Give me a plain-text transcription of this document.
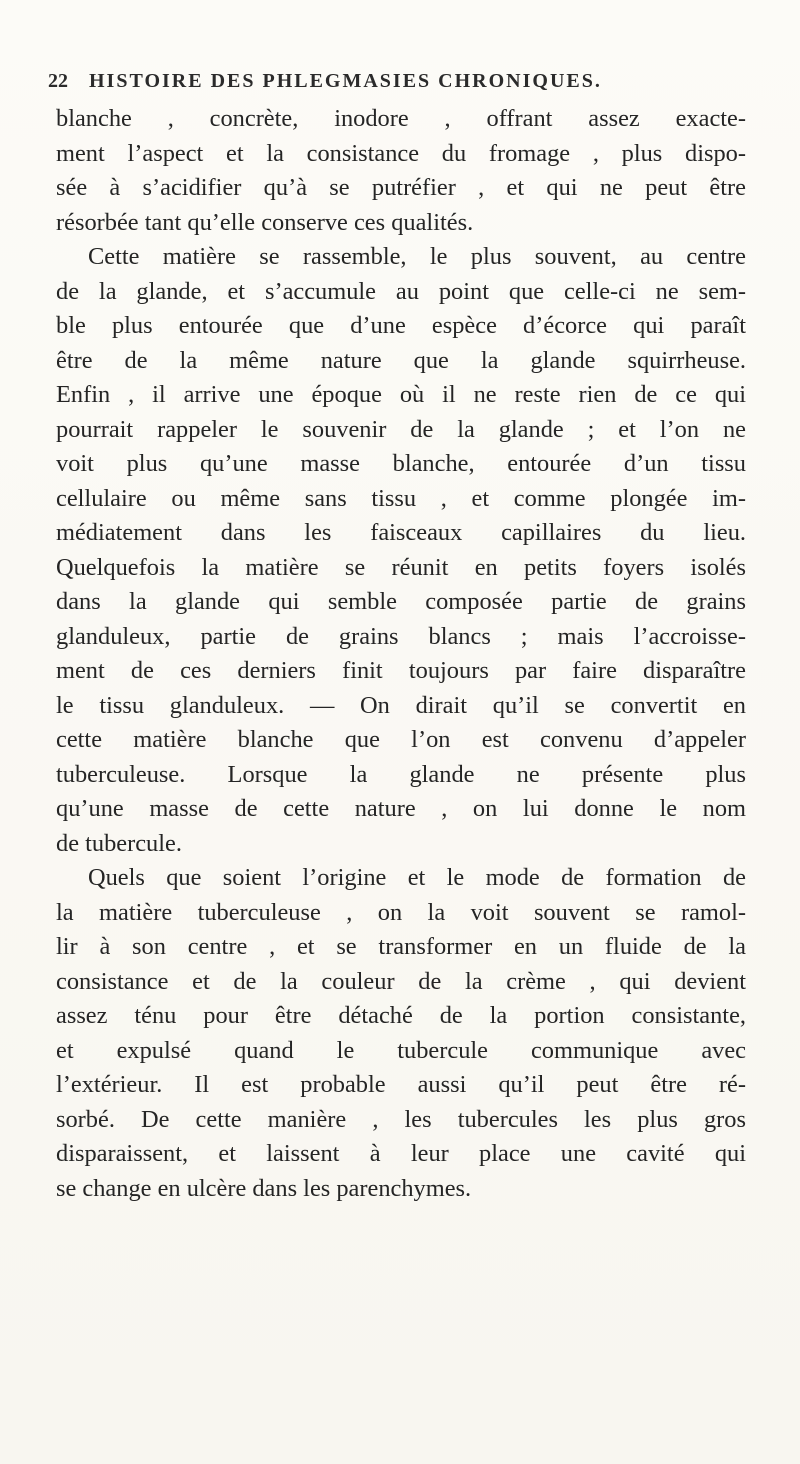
22 HISTOIRE DES PHLEGMASIES CHRONIQUES.

blanche , concrète, inodore , offrant assez exacte-
ment l’aspect et la consistance du fromage , plus dispo-
sée à s’acidifier qu’à se putréfier , et qui ne peut être
résorbée tant qu’elle conserve ces qualités.

Cette matière se rassemble, le plus souvent, au centre
de la glande, et s’accumule au point que celle-ci ne sem-
ble plus entourée que d’une espèce d’écorce qui paraît
être de la même nature que la glande squirrheuse.
Enfin , il arrive une époque où il ne reste rien de ce qui
pourrait rappeler le souvenir de la glande ; et l’on ne
voit plus qu’une masse blanche, entourée d’un tissu
cellulaire ou même sans tissu , et comme plongée im-
médiatement dans les faisceaux capillaires du lieu.
Quelquefois la matière se réunit en petits foyers isolés
dans la glande qui semble composée partie de grains
glanduleux, partie de grains blancs ; mais l’accroisse-
ment de ces derniers finit toujours par faire disparaître
le tissu glanduleux. — On dirait qu’il se convertit en
cette matière blanche que l’on est convenu d’appeler
tuberculeuse. Lorsque la glande ne présente plus
qu’une masse de cette nature , on lui donne le nom
de tubercule.

Quels que soient l’origine et le mode de formation de
la matière tuberculeuse , on la voit souvent se ramol-
lir à son centre , et se transformer en un fluide de la
consistance et de la couleur de la crème , qui devient
assez ténu pour être détaché de la portion consistante,
et expulsé quand le tubercule communique avec
l’extérieur. Il est probable aussi qu’il peut être ré-
sorbé. De cette manière , les tubercules les plus gros
disparaissent, et laissent à leur place une cavité qui
se change en ulcère dans les parenchymes.
